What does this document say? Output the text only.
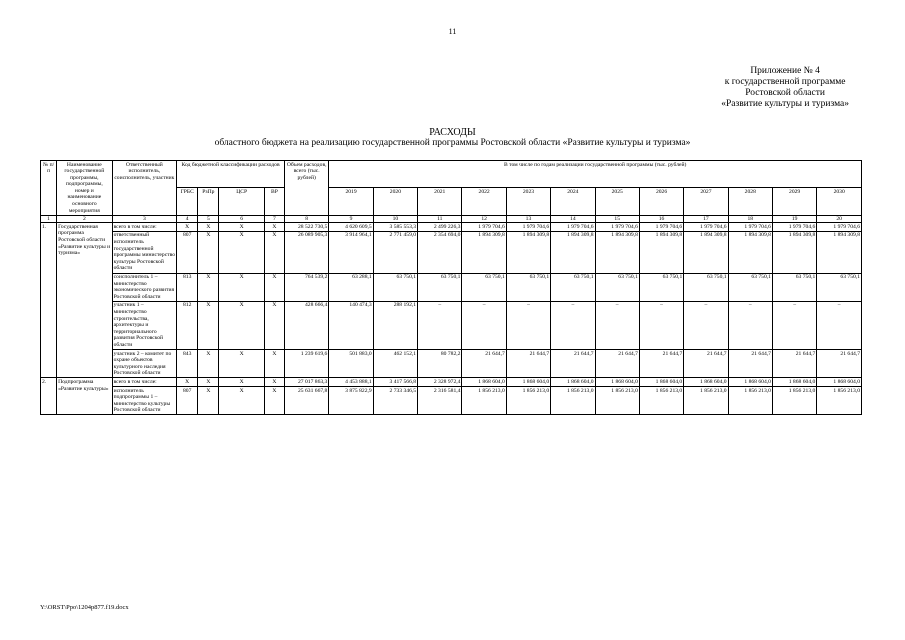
11
Приложение № 4
к государственной программе
Ростовской области
«Развитие культуры и туризма»
РАСХОДЫ
областного бюджета на реализацию государственной программы Ростовской области «Развитие культуры и туризма»
№ п/п	Наименование государственной программы, подпрограммы, номер и наименование основного мероприятия	Ответственный исполнитель, соисполнитель, участник	Код бюджетной классификации расходов				Объем расходов, всего (тыс. рублей)	В том числе по годам реализации государственной программы (тыс. рублей)											
			ГРБС	РзПр	ЦСР	ВР		2019	2020	2021	2022	2023	2024	2025	2026	2027	2028	2029	2030
1	2	3	4	5	6	7	8	9	10	11	12	13	14	15	16	17	18	19	20
1.	Государственная программа Ростовской области «Развитие культуры и туризма»	всего в том числе:	X	X	X	X	28 522 730,5	4 620 609,5	3 585 553,3	2 499 226,3	1 979 704,6	1 979 704,6	1 979 704,6	1 979 704,6	1 979 704,6	1 979 704,6	1 979 704,6	1 979 704,6	1 979 704,6
		ответственный исполнитель государственной программы министерство культуры Ростовской области	807	X	X	X	26 089 905,3	3 914 964,1	2 771 459,0	2 354 694,0	1 894 309,8	1 894 309,8	1 894 309,8	1 894 309,8	1 894 309,8	1 894 309,8	1 894 309,8	1 894 309,8	1 894 309,8
		соисполнитель 1 – министерство экономического развития Ростовской области	813	X	X	X	764 539,2	63 288,1	63 750,1	63 750,1	63 750,1	63 750,1	63 750,1	63 750,1	63 750,1	63 750,1	63 750,1	63 750,1	63 750,1
		участник 1 – министерство строительства, архитектуры и территориального развития Ростовской области	812	X	X	X	428 666,4	140 474,3	288 192,1	–	–	–	–	–	–	–	–	–	–
		участник 2 – комитет по охране объектов культурного наследия Ростовской области	843	X	X	X	1 239 619,6	501 883,0	462 152,1	80 782,2	21 644,7	21 644,7	21 644,7	21 644,7	21 644,7	21 644,7	21 644,7	21 644,7	21 644,7
2.	Подпрограмма «Развитие культуры»	всего в том числе:	X	X	X	X	27 017 863,3	4 453 888,1	3 417 566,8	2 328 972,4	1 868 604,0	1 868 604,0	1 868 604,0	1 868 604,0	1 868 604,0	1 868 604,0	1 868 604,0	1 868 604,0	1 868 604,0
		исполнитель подпрограммы 1 – министерство культуры Ростовской области	807	X	X	X	25 631 667,8	3 875 822,9	2 733 346,5	2 316 581,4	1 856 213,0	1 856 213,0	1 856 213,0	1 856 213,0	1 856 213,0	1 856 213,0	1 856 213,0	1 856 213,0	1 856 213,0
Y:\ORST\Ppo\1204p877.f19.docx
